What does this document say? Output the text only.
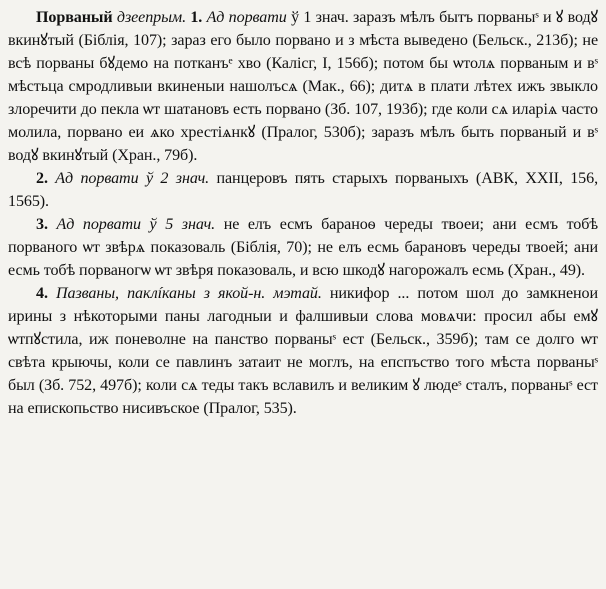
Порваный дзеепрым. 1. Ад порвати ў 1 знач. заразъ мѣлъ бытъ порваныˢ и ꙋ водꙋ вкинꙋтый (Біблія, 107); зараз его было порвано и з мѣста выведено (Бельск., 213б); не всѣ порваны бꙋдемо на потканъᵉ хво (Калісг, І, 156б); потом бы ѡтолѧ порваным и вˢ мѣстьца смродливыи вкиненыи нашолъсѧ (Мак., 66); дитѧ в плати лѣтех ижъ звыкло злоречити до пекла ѡт шатановъ есть порвано (Зб. 107, 193б); где коли сѧ иларіѧ часто молила, порвано еи ѧко хрестіѧнкꙋ (Пралог, 530б); заразъ мѣлъ быть порваный и вˢ водꙋ вкинꙋтый (Хран., 79б).

2. Ад порвати ў 2 знач. панцеровъ пять старыхъ порваныхъ (АВК, XXII, 156, 1565).

3. Ад порвати ў 5 знач. не елъ есмъ бараноѳ череды твоеи; ани есмъ тобѣ порваного ѡт звѣрѧ показоваль (Біблія, 70); не елъ есмь барановъ череды твоей; ани есмь тобѣ порваногѡ ѡт звѣря показоваль, и всю шкодꙋ нагорожалъ есмь (Хран., 49).

4. Пазваны, паклíканы з якой-н. мэтай. никифор ... потом шол до замкненои ирины з нѣкоторыми паны лагодныи и фалшивыи слова мовѧчи: просил абы емꙋ ѡтпꙋстила, иж поневолне на панство порваныˢ ест (Бельск., 359б); там се долго ѡт свѣта крыючы, коли се павлинъ затаит не моглъ, на епспъство того мѣста порваныˢ был (Зб. 752, 497б); коли сѧ теды такъ вславилъ и великим ꙋ людеˢ сталъ, порваныˢ ест на епископьство нисивъское (Пралог, 535).
